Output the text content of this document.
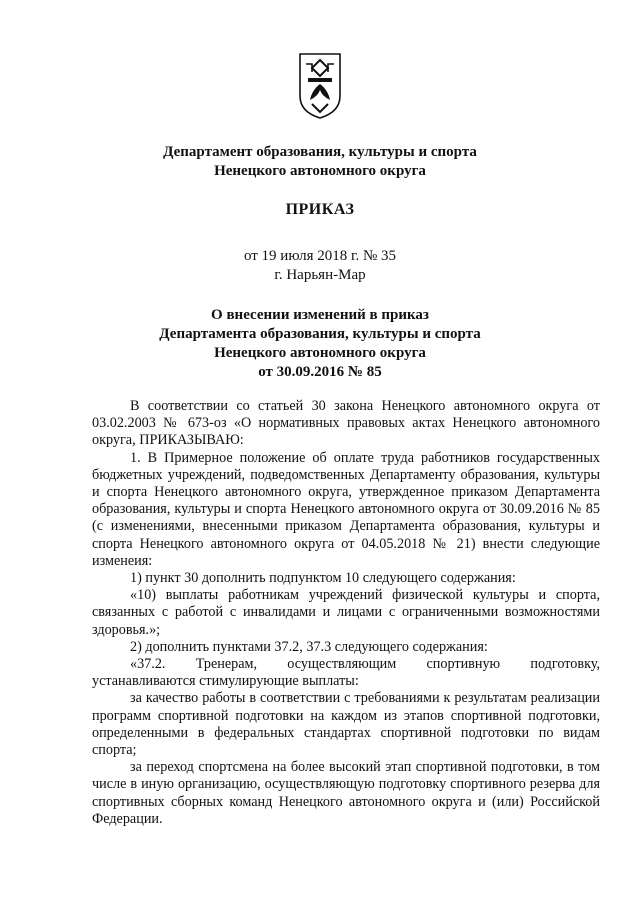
Департамент образования, культуры и спорта
Ненецкого автономного округа
ПРИКАЗ
от 19 июля 2018 г. № 35
г. Нарьян-Мар
О внесении изменений в приказ
Департамента образования, культуры и спорта
Ненецкого автономного округа
от 30.09.2016 № 85

В соответствии со статьей 30 закона Ненецкого автономного округа от 03.02.2003 № 673-оз «О нормативных правовых актах Ненецкого автономного округа, ПРИКАЗЫВАЮ:

1. В Примерное положение об оплате труда работников государственных бюджетных учреждений, подведомственных Департаменту образования, культуры и спорта Ненецкого автономного округа, утвержденное приказом Департамента образования, культуры и спорта Ненецкого автономного округа от 30.09.2016 № 85 (с изменениями, внесенными приказом Департамента образования, культуры и спорта Ненецкого автономного округа от 04.05.2018 № 21) внести следующие изменеия:

1) пункт 30 дополнить подпунктом 10 следующего содержания:

«10) выплаты работникам учреждений физической культуры и спорта, связанных с работой с инвалидами и лицами с ограниченными возможностями здоровья.»;

2) дополнить пунктами 37.2, 37.3 следующего содержания:

«37.2. Тренерам, осуществляющим спортивную подготовку, устанавливаются стимулирующие выплаты:

за качество работы в соответствии с требованиями к результатам реализации программ спортивной подготовки на каждом из этапов спортивной подготовки, определенными в федеральных стандартах спортивной подготовки по видам спорта;

за переход спортсмена на более высокий этап спортивной подготовки, в том числе в иную организацию, осуществляющую подготовку спортивного резерва для спортивных сборных команд Ненецкого автономного округа и (или) Российской Федерации.
